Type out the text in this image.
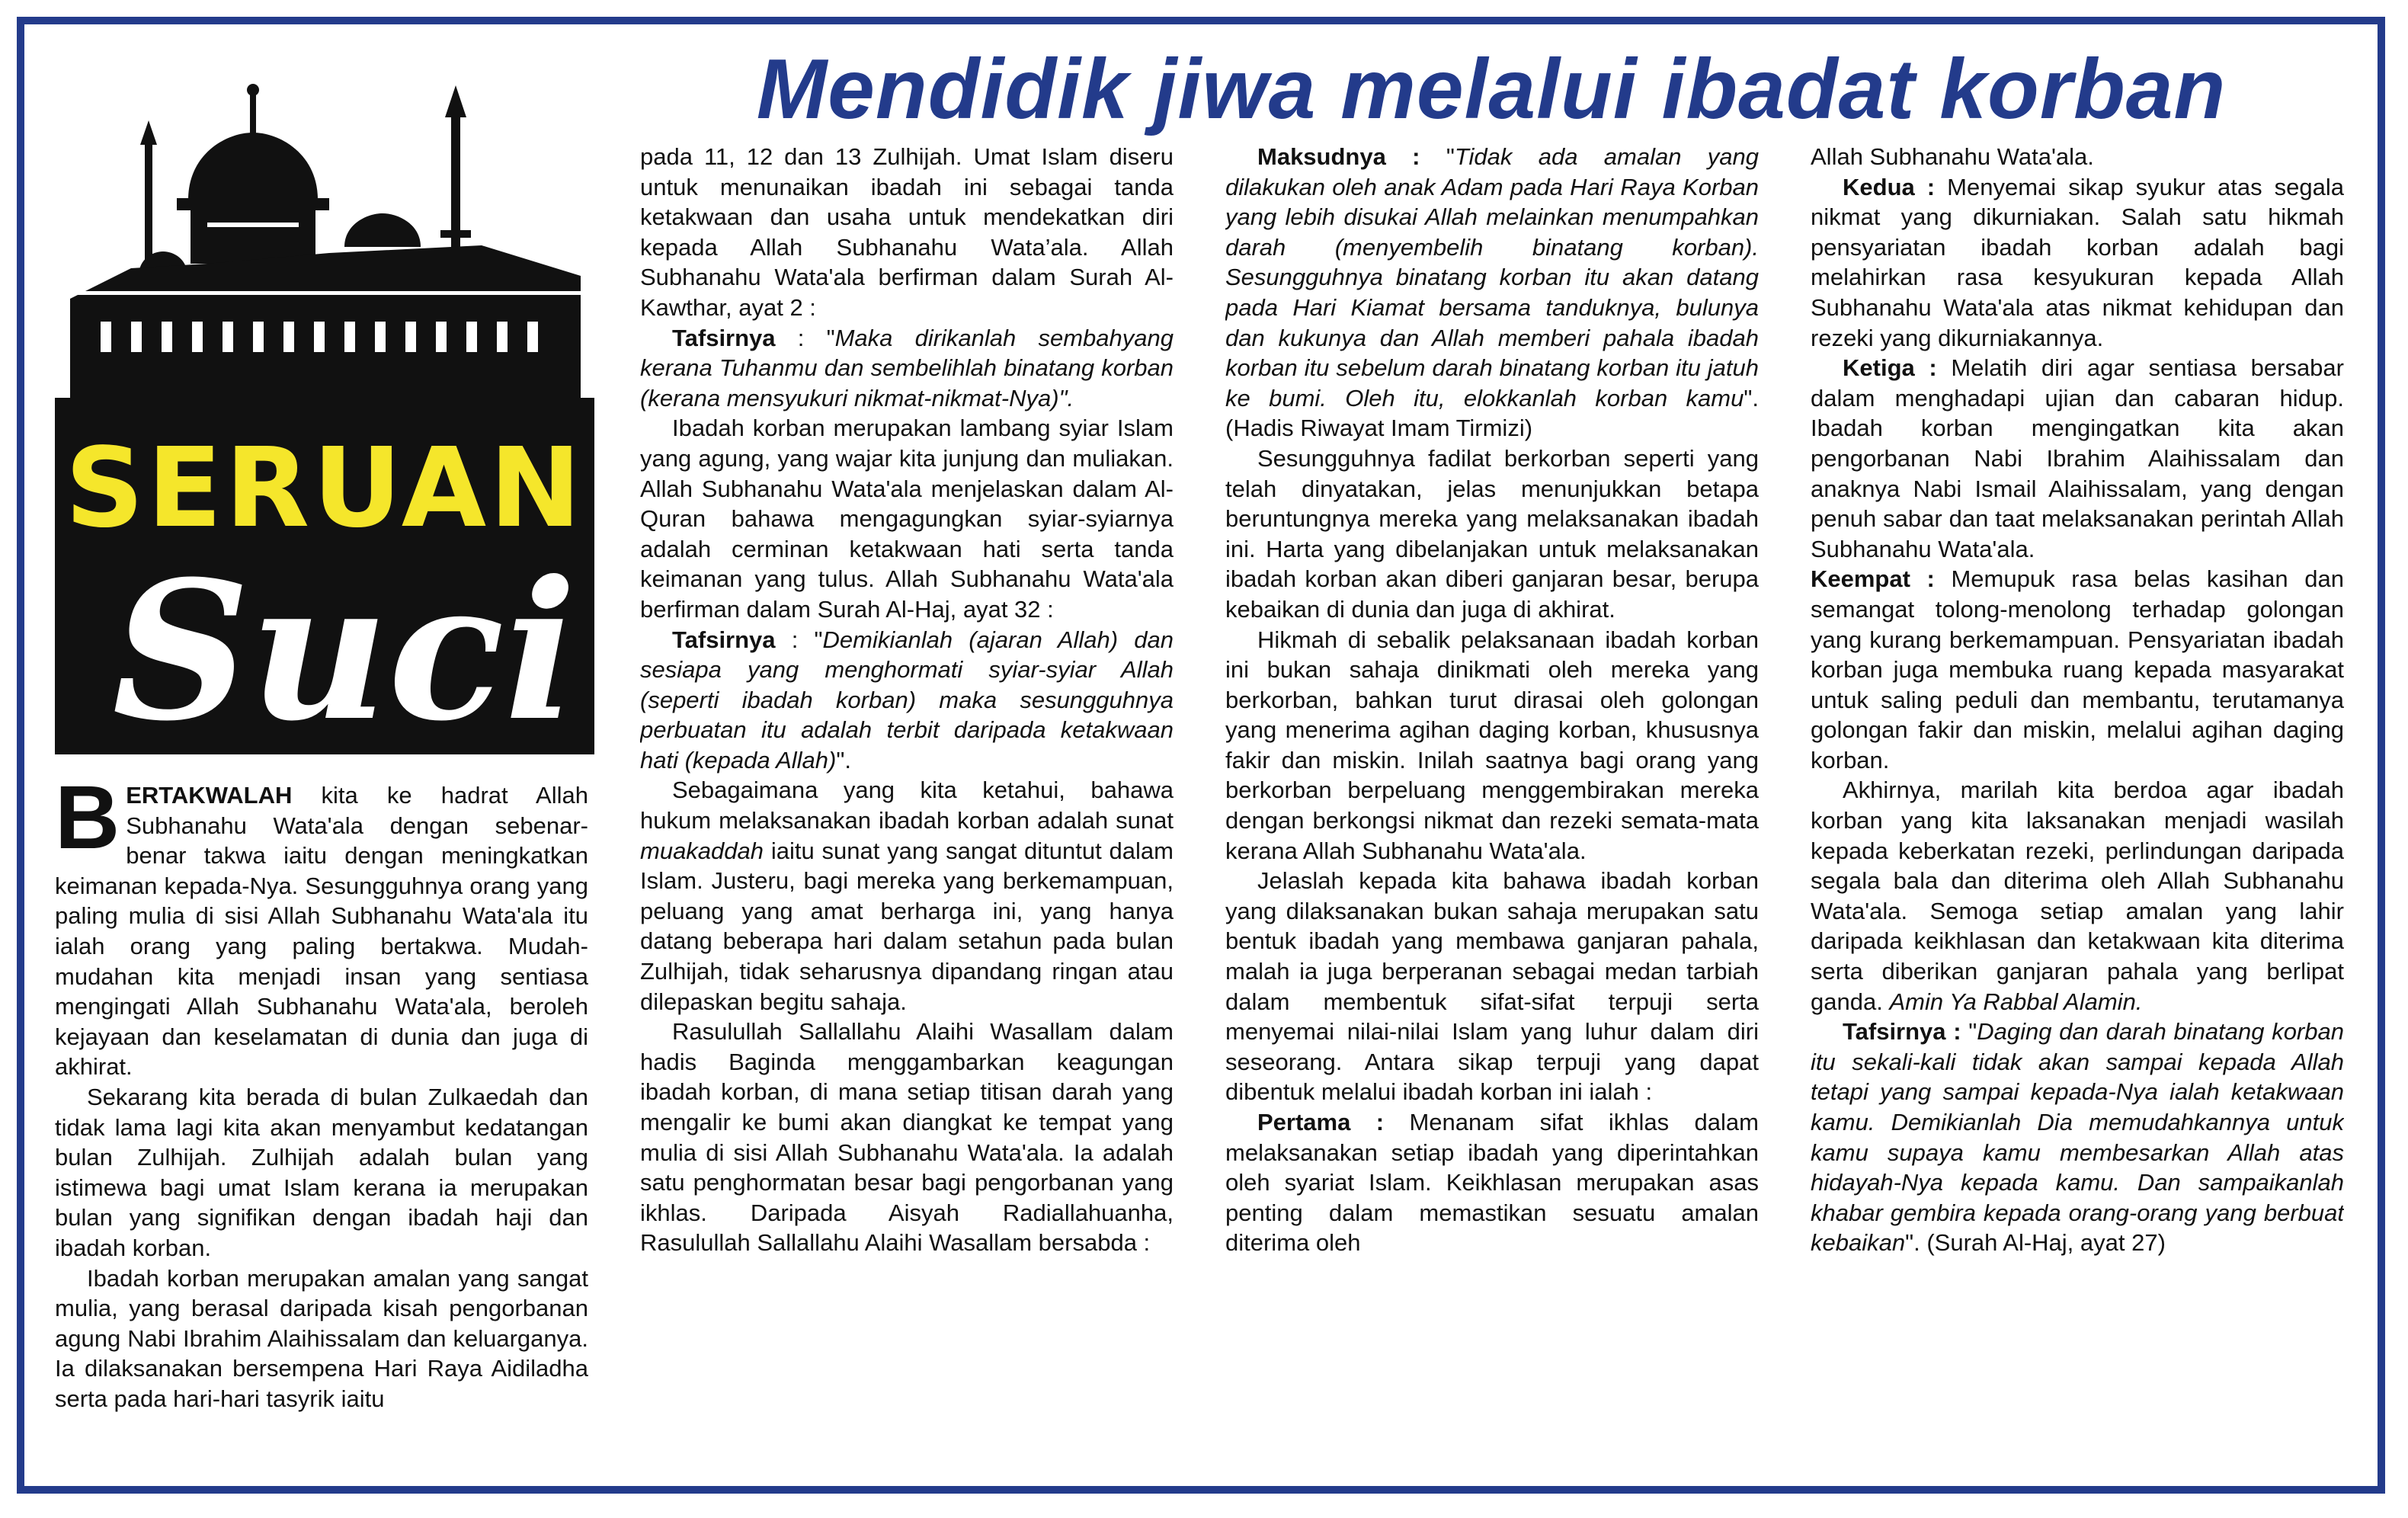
Mendidik jiwa melalui ibadat korban
SERUAN
Suci

BERTAKWALAH kita ke hadrat Allah Subhanahu Wata'ala dengan sebenar-benar takwa iaitu dengan meningkatkan keimanan kepada-Nya. Sesungguhnya orang yang paling mulia di sisi Allah Subhanahu Wata'ala itu ialah orang yang paling bertakwa. Mudah-mudahan kita menjadi insan yang sentiasa mengingati Allah Subhanahu Wata'ala, beroleh kejayaan dan keselamatan di dunia dan juga di akhirat.

Sekarang kita berada di bulan Zulkaedah dan tidak lama lagi kita akan menyambut kedatangan bulan Zulhijah. Zulhijah adalah bulan yang istimewa bagi umat Islam kerana ia merupakan bulan yang signifikan dengan ibadah haji dan ibadah korban.

Ibadah korban merupakan amalan yang sangat mulia, yang berasal daripada kisah pengorbanan agung Nabi Ibrahim Alaihissalam dan keluarganya. Ia dilaksanakan bersempena Hari Raya Aidiladha serta pada hari-hari tasyrik iaitu

pada 11, 12 dan 13 Zulhijah. Umat Islam diseru untuk menunaikan ibadah ini sebagai tanda ketakwaan dan usaha untuk mendekatkan diri kepada Allah Subhanahu Wata’ala. Allah Subhanahu Wata'ala berfirman dalam Surah Al-Kawthar, ayat 2 :

Tafsirnya : "Maka dirikanlah sembahyang kerana Tuhanmu dan sembelihlah binatang korban (kerana mensyukuri nikmat-nikmat-Nya)".

Ibadah korban merupakan lambang syiar Islam yang agung, yang wajar kita junjung dan muliakan. Allah Subhanahu Wata'ala menjelaskan dalam Al-Quran bahawa mengagungkan syiar-syiarnya adalah cerminan ketakwaan hati serta tanda keimanan yang tulus. Allah Subhanahu Wata'ala berfirman dalam Surah Al-Haj, ayat 32 :

Tafsirnya : "Demikianlah (ajaran Allah) dan sesiapa yang menghormati syiar-syiar Allah (seperti ibadah korban) maka sesungguhnya perbuatan itu adalah terbit daripada ketakwaan hati (kepada Allah)".

Sebagaimana yang kita ketahui, bahawa hukum melaksanakan ibadah korban adalah sunat muakaddah iaitu sunat yang sangat dituntut dalam Islam. Justeru, bagi mereka yang berkemampuan, peluang yang amat berharga ini, yang hanya datang beberapa hari dalam setahun pada bulan Zulhijah, tidak seharusnya dipandang ringan atau dilepaskan begitu sahaja.

Rasulullah Sallallahu Alaihi Wasallam dalam hadis Baginda menggambarkan keagungan ibadah korban, di mana setiap titisan darah yang mengalir ke bumi akan diangkat ke tempat yang mulia di sisi Allah Subhanahu Wata'ala. Ia adalah satu penghormatan besar bagi pengorbanan yang ikhlas. Daripada Aisyah Radiallahuanha, Rasulullah Sallallahu Alaihi Wasallam bersabda :

Maksudnya : "Tidak ada amalan yang dilakukan oleh anak Adam pada Hari Raya Korban yang lebih disukai Allah melainkan menumpahkan darah (menyembelih binatang korban). Sesungguhnya binatang korban itu akan datang pada Hari Kiamat bersama tanduknya, bulunya dan kukunya dan Allah memberi pahala ibadah korban itu sebelum darah binatang korban itu jatuh ke bumi. Oleh itu, elokkanlah korban kamu". (Hadis Riwayat Imam Tirmizi)

Sesungguhnya fadilat berkorban seperti yang telah dinyatakan, jelas menunjukkan betapa beruntungnya mereka yang melaksanakan ibadah ini. Harta yang dibelanjakan untuk melaksanakan ibadah korban akan diberi ganjaran besar, berupa kebaikan di dunia dan juga di akhirat.

Hikmah di sebalik pelaksanaan ibadah korban ini bukan sahaja dinikmati oleh mereka yang berkorban, bahkan turut dirasai oleh golongan yang menerima agihan daging korban, khususnya fakir dan miskin. Inilah saatnya bagi orang yang berkorban berpeluang menggembirakan mereka dengan berkongsi nikmat dan rezeki semata-mata kerana Allah Subhanahu Wata'ala.

Jelaslah kepada kita bahawa ibadah korban yang dilaksanakan bukan sahaja merupakan satu bentuk ibadah yang membawa ganjaran pahala, malah ia juga berperanan sebagai medan tarbiah dalam membentuk sifat-sifat terpuji serta menyemai nilai-nilai Islam yang luhur dalam diri seseorang. Antara sikap terpuji yang dapat dibentuk melalui ibadah korban ini ialah :

Pertama : Menanam sifat ikhlas dalam melaksanakan setiap ibadah yang diperintahkan oleh syariat Islam. Keikhlasan merupakan asas penting dalam memastikan sesuatu amalan diterima oleh

Allah Subhanahu Wata'ala.

Kedua : Menyemai sikap syukur atas segala nikmat yang dikurniakan. Salah satu hikmah pensyariatan ibadah korban adalah bagi melahirkan rasa kesyukuran kepada Allah Subhanahu Wata'ala atas nikmat kehidupan dan rezeki yang dikurniakannya.

Ketiga : Melatih diri agar sentiasa bersabar dalam menghadapi ujian dan cabaran hidup. Ibadah korban mengingatkan kita akan pengorbanan Nabi Ibrahim Alaihissalam dan anaknya Nabi Ismail Alaihissalam, yang dengan penuh sabar dan taat melaksanakan perintah Allah Subhanahu Wata'ala.

Keempat : Memupuk rasa belas kasihan dan semangat tolong-menolong terhadap golongan yang kurang berkemampuan. Pensyariatan ibadah korban juga membuka ruang kepada masyarakat untuk saling peduli dan membantu, terutamanya golongan fakir dan miskin, melalui agihan daging korban.

Akhirnya, marilah kita berdoa agar ibadah korban yang kita laksanakan menjadi wasilah kepada keberkatan rezeki, perlindungan daripada segala bala dan diterima oleh Allah Subhanahu Wata'ala. Semoga setiap amalan yang lahir daripada keikhlasan dan ketakwaan kita diterima serta diberikan ganjaran pahala yang berlipat ganda. Amin Ya Rabbal Alamin.

Tafsirnya : "Daging dan darah binatang korban itu sekali-kali tidak akan sampai kepada Allah tetapi yang sampai kepada-Nya ialah ketakwaan kamu. Demikianlah Dia memudahkannya untuk kamu supaya kamu membesarkan Allah atas hidayah-Nya kepada kamu. Dan sampaikanlah khabar gembira kepada orang-orang yang berbuat kebaikan". (Surah Al-Haj, ayat 27)
